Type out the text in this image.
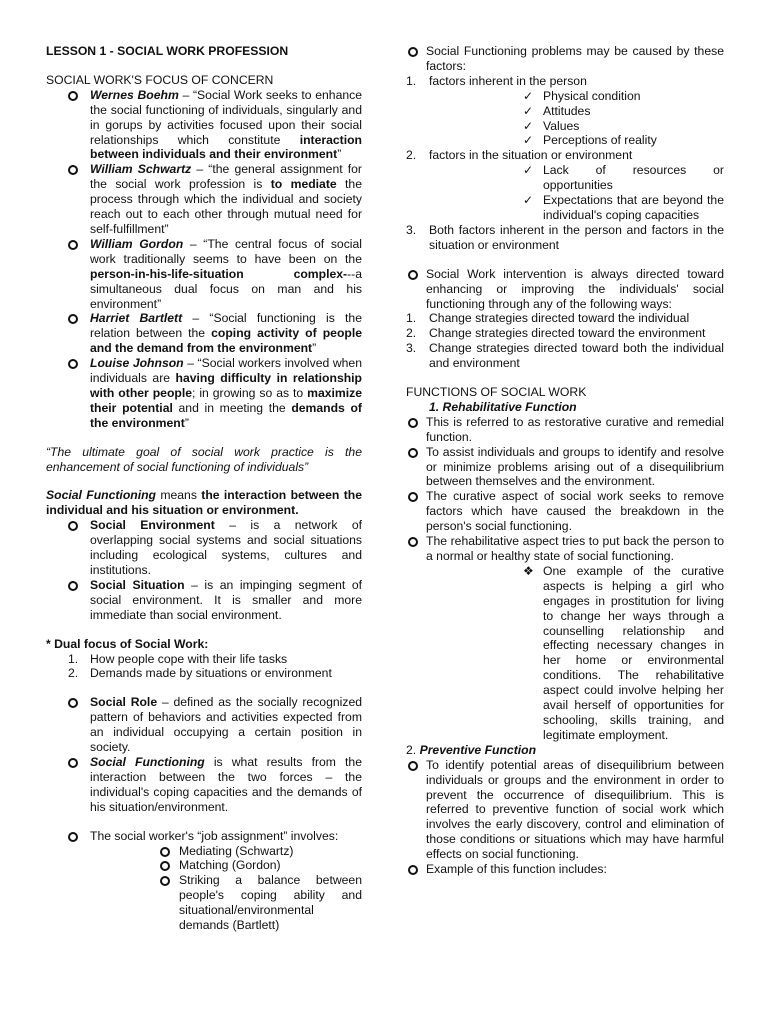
LESSON 1 - SOCIAL WORK PROFESSION

SOCIAL WORK'S FOCUS OF CONCERN

Wernes Boehm – “Social Work seeks to enhance the social functioning of individuals, singularly and in gorups by activities focused upon their social relationships which constitute interaction between individuals and their environment”
William Schwartz – “the general assignment for the social work profession is to mediate the process through which the individual and society reach out to each other through mutual need for self-fulfillment”
William Gordon – “The central focus of social work traditionally seems to have been on the person-in-his-life-situation complex---a simultaneous dual focus on man and his environment”
Harriet Bartlett – “Social functioning is the relation between the coping activity of people and the demand from the environment”
Louise Johnson – “Social workers involved when individuals are having difficulty in relationship with other people; in growing so as to maximize their potential and in meeting the demands of the environment”

“The ultimate goal of social work practice is the enhancement of social functioning of individuals”

Social Functioning means the interaction between the individual and his situation or environment.

Social Environment – is a network of overlapping social systems and social situations including ecological systems, cultures and institutions.
Social Situation – is an impinging segment of social environment. It is smaller and more immediate than social environment.

* Dual focus of Social Work:

1. How people cope with their life tasks
2. Demands made by situations or environment
Social Role – defined as the socially recognized pattern of behaviors and activities expected from an individual occupying a certain position in society.
Social Functioning is what results from the interaction between the two forces – the individual's coping capacities and the demands of his situation/environment.
The social worker's “job assignment” involves:
Mediating (Schwartz)
Matching (Gordon)
Striking a balance between people's coping ability and situational/environmental demands (Bartlett)
Social Functioning problems may be caused by these factors:
1. factors inherent in the person
✓ Physical condition
✓ Attitudes
✓ Values
✓ Perceptions of reality
2. factors in the situation or environment
✓ Lack of resources or opportunities
✓ Expectations that are beyond the individual's coping capacities
3. Both factors inherent in the person and factors in the situation or environment
Social Work intervention is always directed toward enhancing or improving the individuals' social functioning through any of the following ways:
1. Change strategies directed toward the individual
2. Change strategies directed toward the environment
3. Change strategies directed toward both the individual and environment

FUNCTIONS OF SOCIAL WORK

1. Rehabilitative Function

This is referred to as restorative curative and remedial function.
To assist individuals and groups to identify and resolve or minimize problems arising out of a disequilibrium between themselves and the environment.
The curative aspect of social work seeks to remove factors which have caused the breakdown in the person's social functioning.
The rehabilitative aspect tries to put back the person to a normal or healthy state of social functioning.

❖ One example of the curative aspects is helping a girl who engages in prostitution for living to change her ways through a counselling relationship and effecting necessary changes in her home or environmental conditions. The rehabilitative aspect could involve helping her avail herself of opportunities for schooling, skills training, and legitimate employment.

2. Preventive Function

To identify potential areas of disequilibrium between individuals or groups and the environment in order to prevent the occurrence of disequilibrium. This is referred to preventive function of social work which involves the early discovery, control and elimination of those conditions or situations which may have harmful effects on social functioning.
Example of this function includes:
